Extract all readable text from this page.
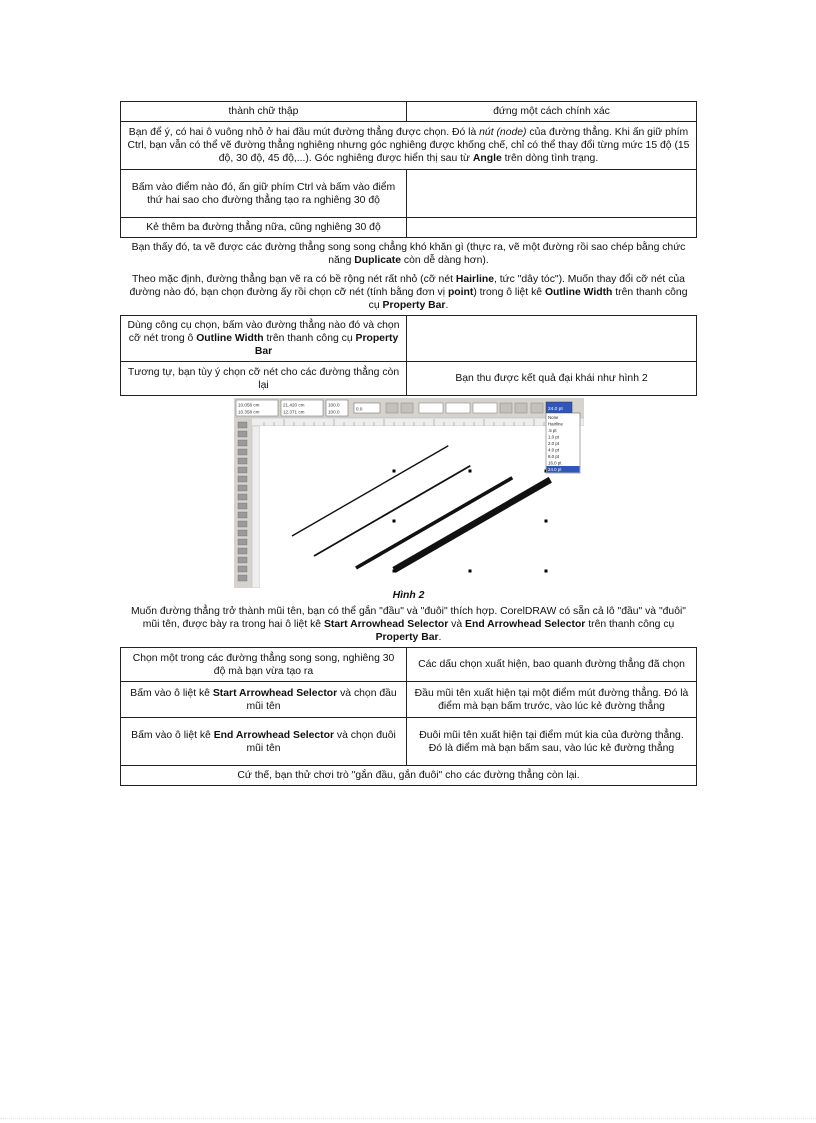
thành chữ thập	đứng một cách chính xác
Bạn để ý, có hai ô vuông nhỏ ở hai đầu mút đường thẳng được chọn. Đó là nút (node) của đường thẳng. Khi ấn giữ phím Ctrl, bạn vẫn có thể vẽ đường thẳng nghiêng nhưng góc nghiêng được khống chế, chỉ có thể thay đổi từng mức 15 độ (15 độ, 30 độ, 45 độ,...). Góc nghiêng được hiển thị sau từ Angle trên dòng tình trạng.	
Bấm vào điểm nào đó, ấn giữ phím Ctrl và bấm vào điểm thứ hai sao cho đường thẳng tạo ra nghiêng 30 độ	
Kẻ thêm ba đường thẳng nữa, cũng nghiêng 30 độ	
Bạn thấy đó, ta vẽ được các đường thẳng song song chẳng khó khăn gì (thực ra, vẽ một đường rồi sao chép bằng chức năng Duplicate còn dễ dàng hơn).
Theo mặc định, đường thẳng bạn vẽ ra có bề rộng nét rất nhỏ (cỡ nét Hairline, tức "dây tóc"). Muốn thay đổi cỡ nét của đường nào đó, bạn chọn đường ấy rồi chọn cỡ nét (tính bằng đơn vị point) trong ô liệt kê Outline Width trên thanh công cụ Property Bar.
Dùng công cụ chọn, bấm vào đường thẳng nào đó và chọn cỡ nét trong ô Outline Width trên thanh công cụ Property Bar	
Tương tự, bạn tùy ý chọn cỡ nét cho các đường thẳng còn lại	Bạn thu được kết quả đại khái như hình 2
10.058 cm
10.358 cm
21.420 cm
12.371 cm
100.0
100.0
0.0	24.0 pt
None
Hairline
.5 pt
1.0 pt
2.0 pt
4.0 pt
8.0 pt
16.0 pt
24.0 pt
Hình 2
Muốn đường thẳng trở thành mũi tên, bạn có thể gắn "đầu" và "đuôi" thích hợp. CorelDRAW có sẵn cả lô "đầu" và "đuôi" mũi tên, được bày ra trong hai ô liệt kê Start Arrowhead Selector và End Arrowhead Selector trên thanh công cụ Property Bar.
Chọn một trong các đường thẳng song song, nghiêng 30 độ mà bạn vừa tạo ra	Các dấu chọn xuất hiện, bao quanh đường thẳng đã chọn
Bấm vào ô liệt kê Start Arrowhead Selector và chọn đầu mũi tên	Đầu mũi tên xuất hiện tại một điểm mút đường thẳng. Đó là điểm mà bạn bấm trước, vào lúc kẻ đường thẳng
Bấm vào ô liệt kê End Arrowhead Selector và chọn đuôi mũi tên	Đuôi mũi tên xuất hiện tại điểm mút kia của đường thẳng. Đó là điểm mà bạn bấm sau, vào lúc kẻ đường thẳng
Cứ thế, bạn thử chơi trò "gắn đầu, gắn đuôi" cho các đường thẳng còn lại.	
